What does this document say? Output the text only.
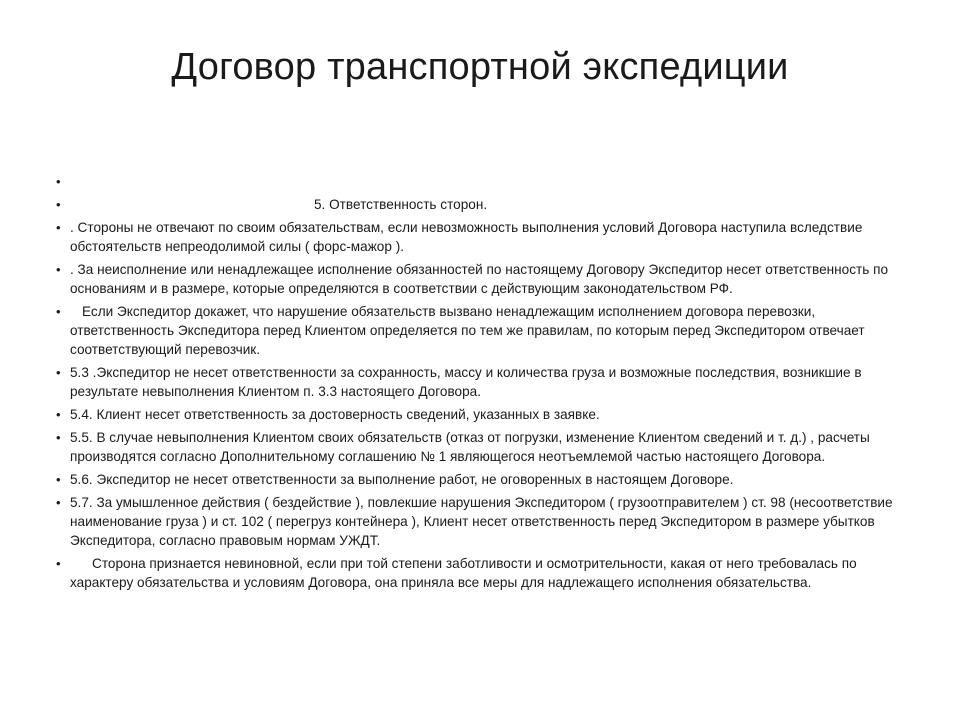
Договор транспортной экспедиции
•
•	5. Ответственность сторон.
• . Стороны не отвечают по своим обязательствам, если невозможность выполнения условий Договора наступила вследствие обстоятельств непреодолимой силы ( форс-мажор ).
• . За неисполнение или ненадлежащее исполнение обязанностей по настоящему Договору Экспедитор несет ответственность по основаниям и в размере, которые определяются в соответствии с действующим законодательством РФ.
•	Если Экспедитор докажет, что нарушение обязательств вызвано ненадлежащим исполнением договора перевозки, ответственность Экспедитора перед Клиентом определяется по тем же правилам, по которым перед Экспедитором отвечает соответствующий перевозчик.
• 5.3 .Экспедитор не несет ответственности за сохранность, массу и количества груза и возможные последствия, возникшие в результате невыполнения Клиентом п. 3.3 настоящего Договора.
• 5.4. Клиент несет ответственность за достоверность сведений, указанных в заявке.
• 5.5. В случае невыполнения Клиентом своих обязательств (отказ от погрузки, изменение Клиентом сведений и т. д.) , расчеты производятся согласно Дополнительному соглашению № 1 являющегося неотъемлемой частью настоящего Договора.
• 5.6. Экспедитор не несет ответственности за выполнение работ, не оговоренных в настоящем Договоре.
• 5.7. За умышленное действия ( бездействие ), повлекшие нарушения Экспедитором ( грузоотправителем ) ст. 98 (несоответствие наименование груза ) и ст. 102 ( перегруз контейнера ), Клиент несет ответственность перед Экспедитором в размере убытков Экспедитора, согласно правовым нормам УЖДТ.
•	Сторона признается невиновной, если при той степени заботливости и осмотрительности, какая от него требовалась по характеру обязательства и условиям Договора, она приняла все меры для надлежащего исполнения обязательства.
